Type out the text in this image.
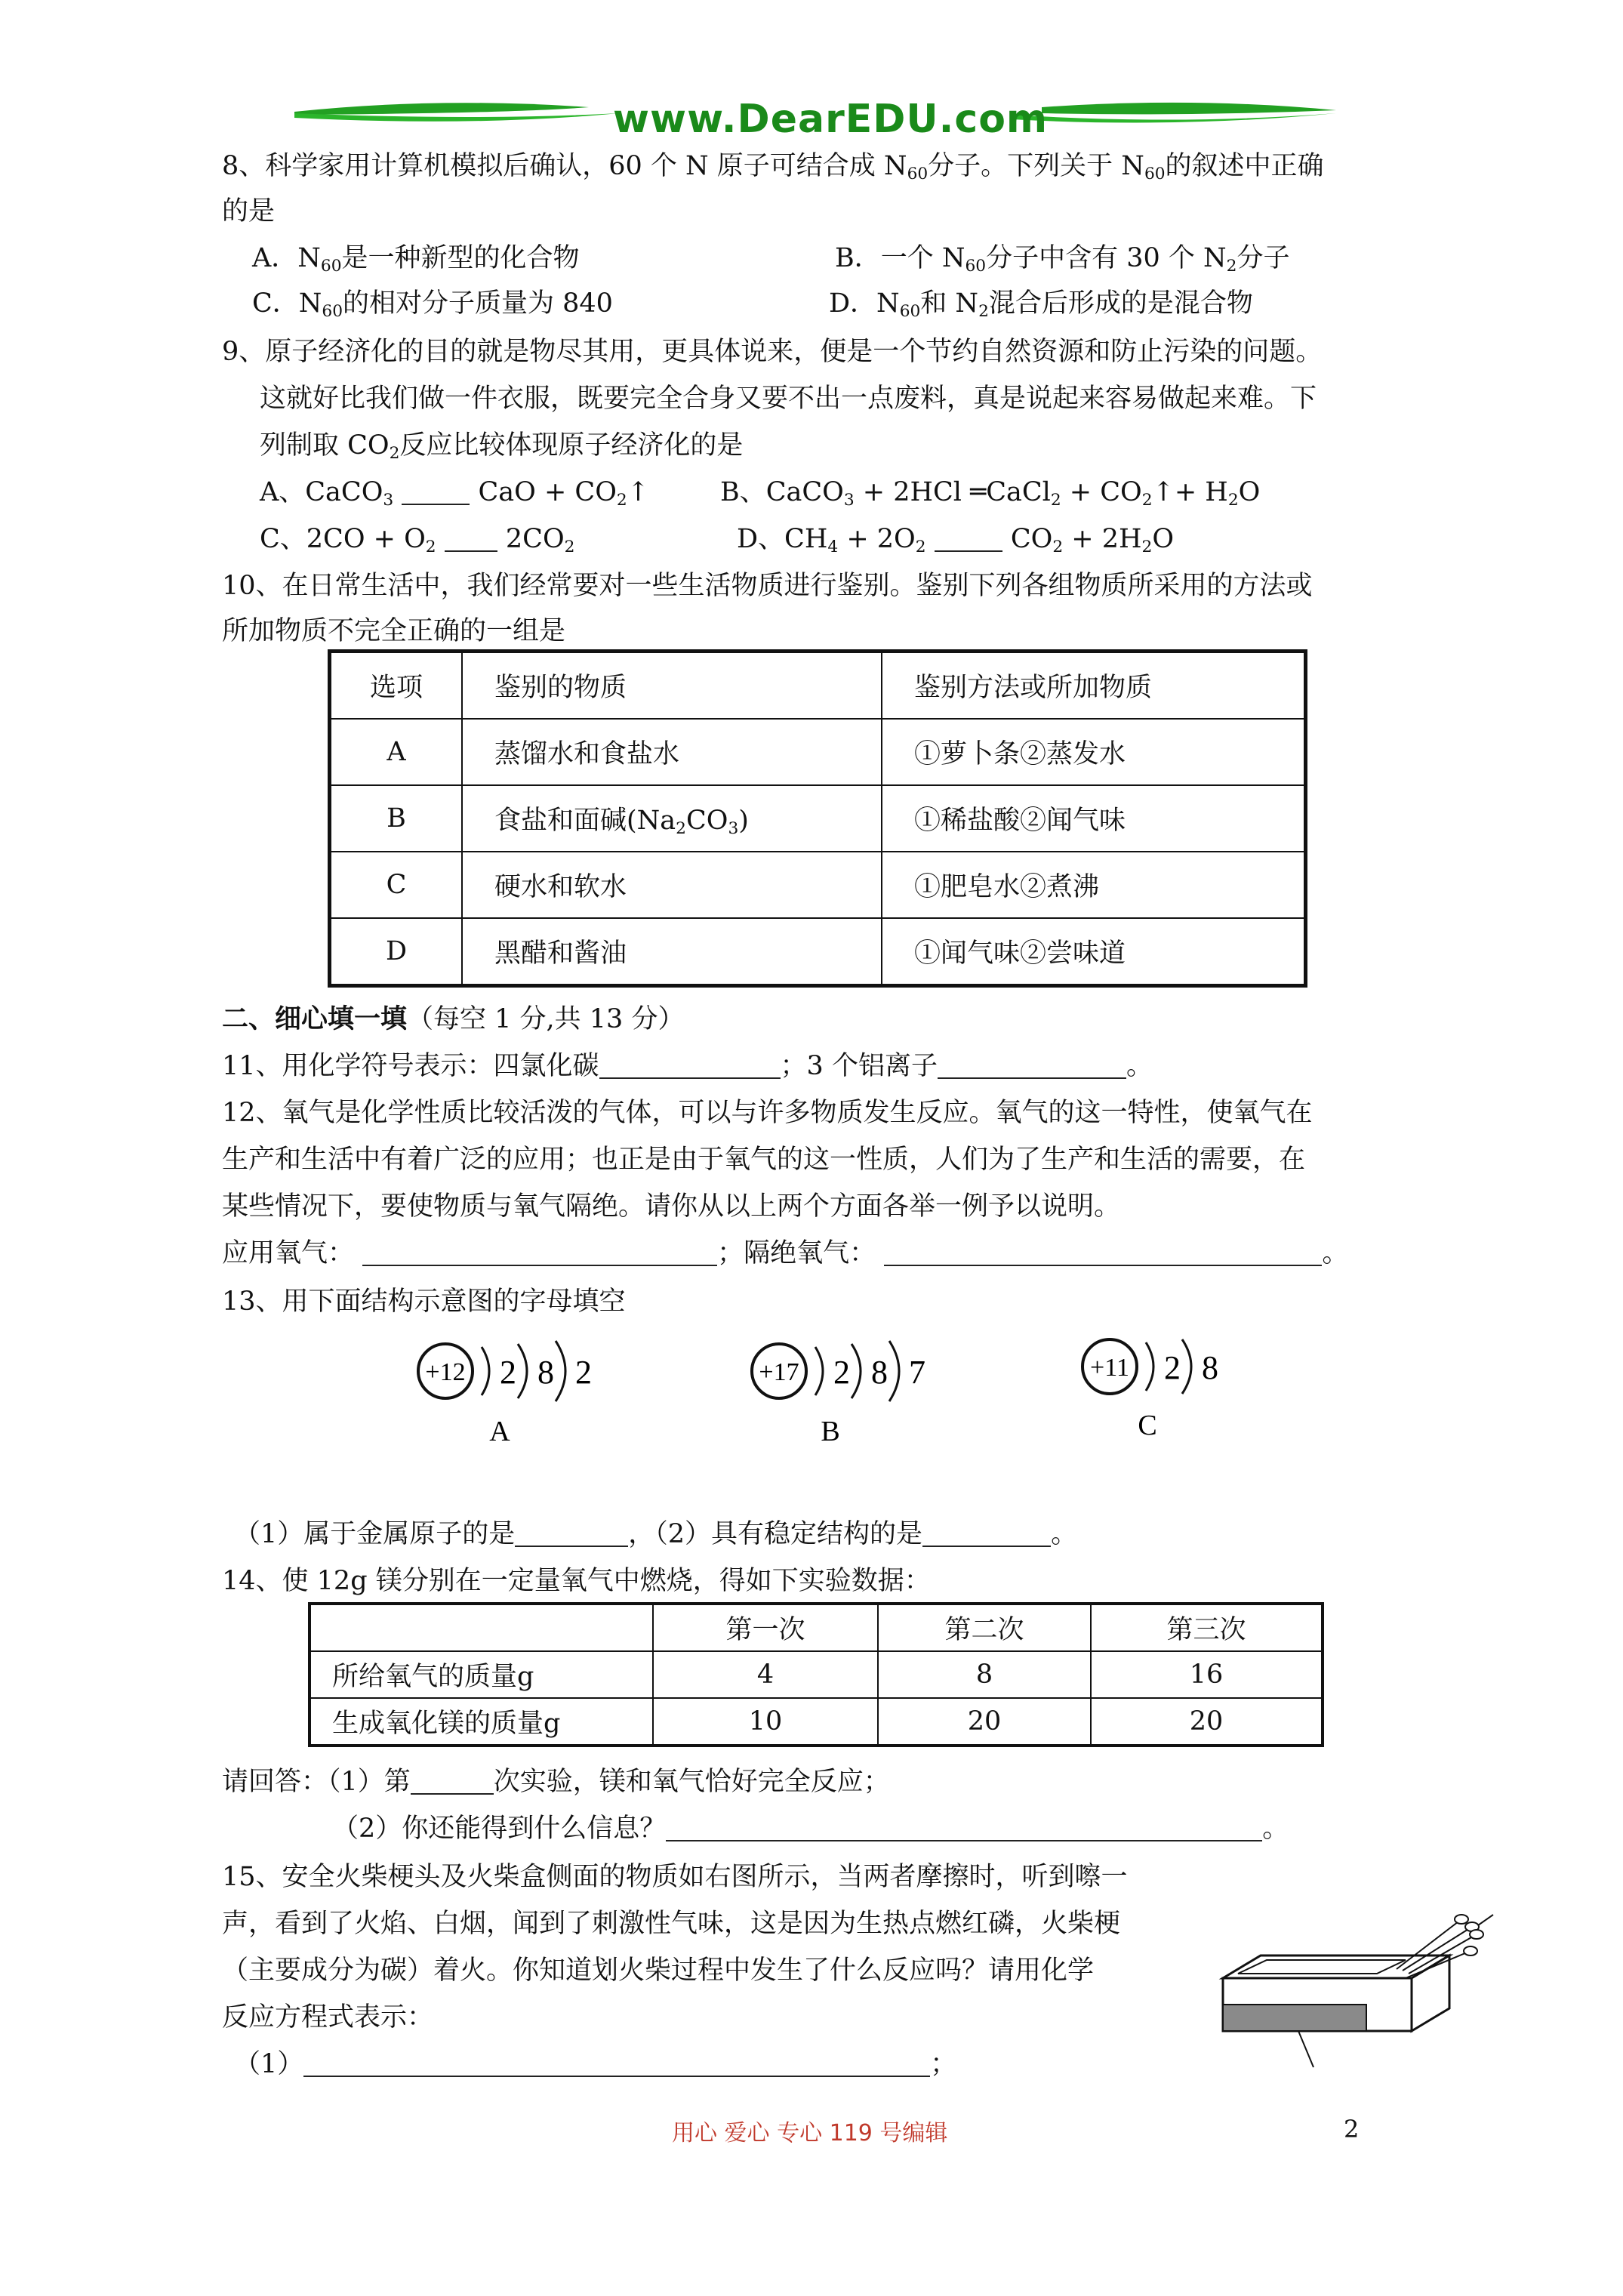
www.DearEDU.com
8、科学家用计算机模拟后确认，60 个 N 原子可结合成 $N_{60}$分子。下列关于 $N_{60}$的叙述中正确
的是
A．$N_{60}$是一种新型的化合物	B．一个 $N_{60}$分子中含有 30 个 $N_2$分子
C．$N_{60}$的相对分子质量为 840	D．$N_{60}$和 $N_2$混合后形成的是混合物
9、原子经济化的目的就是物尽其用，更具体说来，便是一个节约自然资源和防止污染的问题。
这就好比我们做一件衣服，既要完全合身又要不出一点废料，真是说起来容易做起来难。下
列制取 $CO_2$反应比较体现原子经济化的是
A、CaCO$_3$	CaO + $CO_2↑$	B、CaCO$_3$ + 2HCl ═CaCl$_2$ + $CO_2↑+ H_2O$
C、$2CO + O_2$	$2CO_2$	D、$CH_4 + 2O_2$	$CO_2 + 2H_2O$
10、在日常生活中，我们经常要对一些生活物质进行鉴别。鉴别下列各组物质所采用的方法或
所加物质不完全正确的一组是
选项	鉴别的物质	鉴别方法或所加物质
A	蒸馏水和食盐水	①萝卜条②蒸发水
B	食盐和面碱$(Na_2CO_3)$	①稀盐酸②闻气味
C	硬水和软水	①肥皂水②煮沸
D	黑醋和酱油	①闻气味②尝味道
二、细心填一填（每空 1 分,共 13 分）
11、用化学符号表示：四氯化碳	；3 个铝离子	。
12、氧气是化学性质比较活泼的气体，可以与许多物质发生反应。氧气的这一特性，使氧气在
生产和生活中有着广泛的应用；也正是由于氧气的这一性质，人们为了生产和生活的需要，在
某些情况下，要使物质与氧气隔绝。请你从以上两个方面各举一例予以说明。
应用氧气：	；隔绝氧气：	。
13、用下面结构示意图的字母填空
+12 2 8 2
A
+17 2 8 7
B
+11 2 8
C
（1）属于金属原子的是	，（2）具有稳定结构的是	。
14、使 12g 镁分别在一定量氧气中燃烧，得如下实验数据：
	第一次	第二次	第三次
所给氧气的质量g	4	8	16
生成氧化镁的质量g	10	20	20
请回答：（1）第	次实验，镁和氧气恰好完全反应；
（2）你还能得到什么信息？	。
15、安全火柴梗头及火柴盒侧面的物质如右图所示，当两者摩擦时，听到嚓一
声，看到了火焰、白烟，闻到了刺激性气味，这是因为生热点燃红磷，火柴梗
（主要成分为碳）着火。你知道划火柴过程中发生了什么反应吗？请用化学
反应方程式表示：
（1）	；
用心 爱心 专心 119 号编辑	2
